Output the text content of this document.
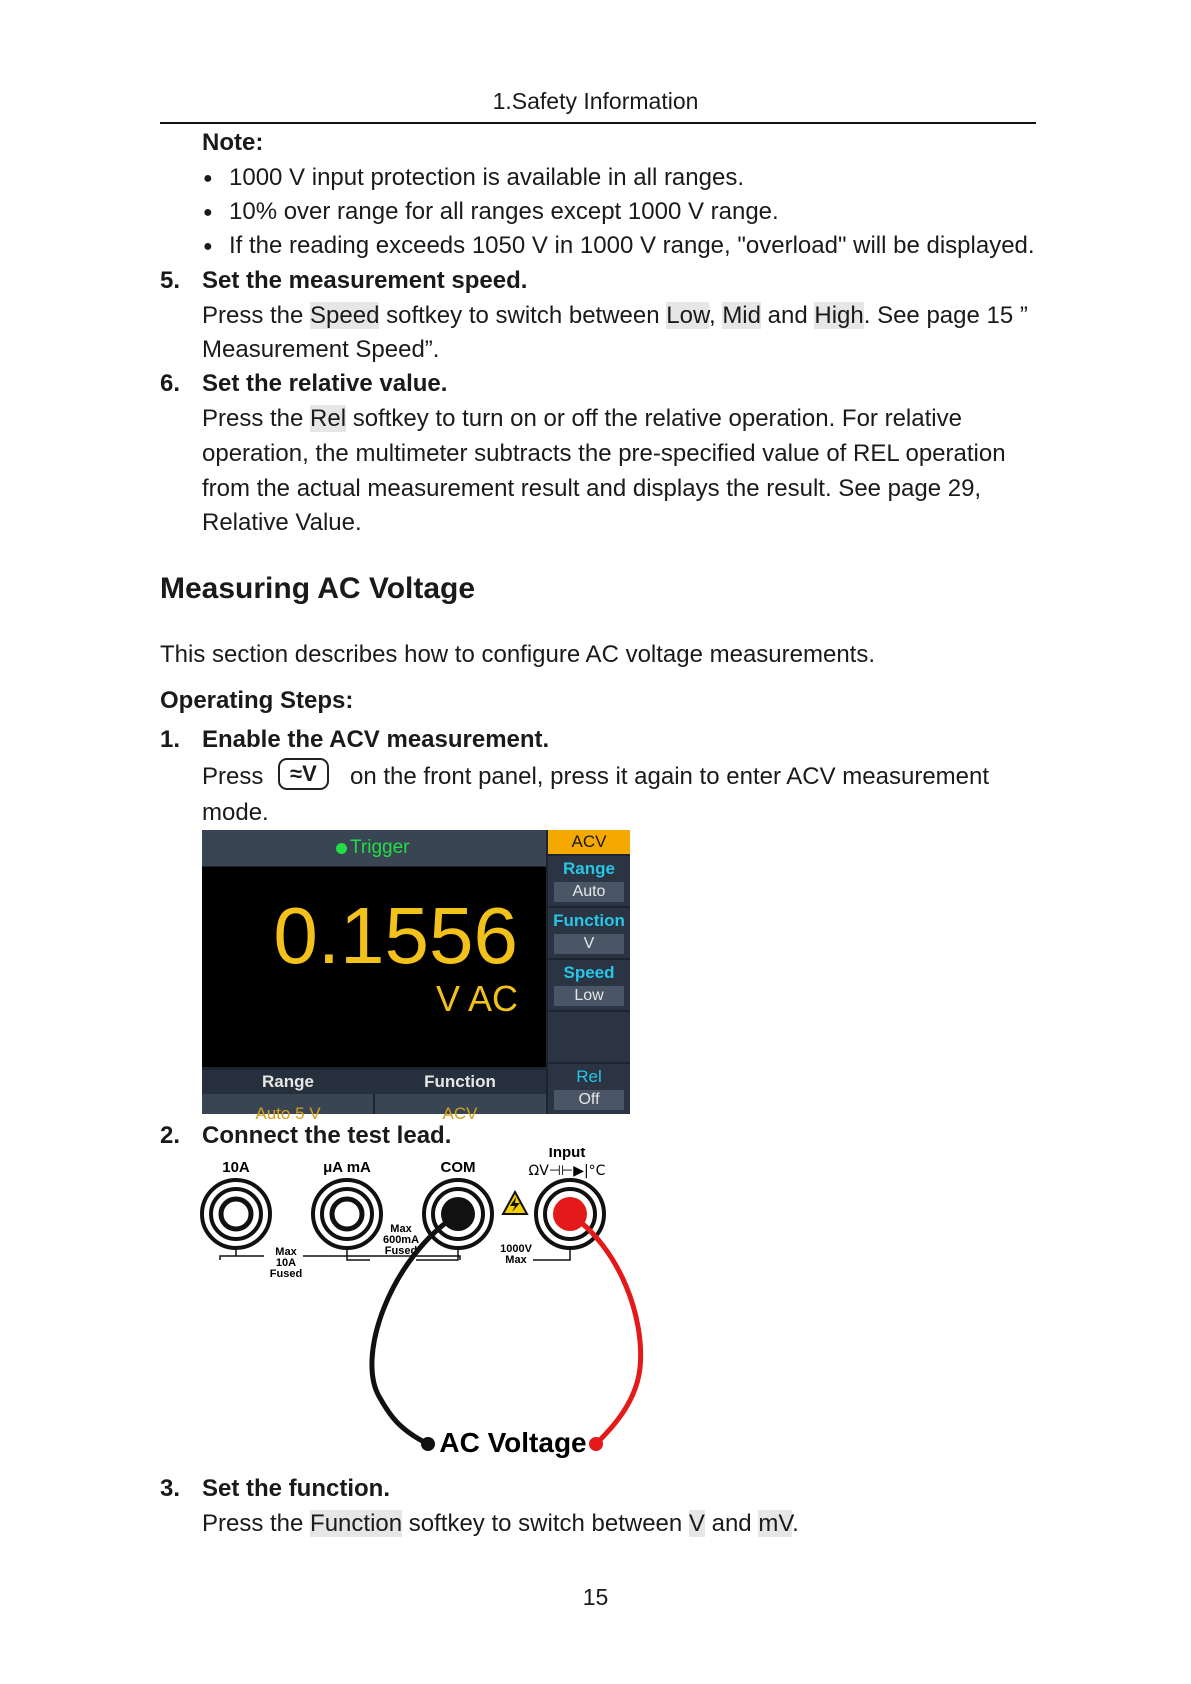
1.Safety Information
Note:
● 1000 V input protection is available in all ranges.
● 10% over range for all ranges except 1000 V range.
● If the reading exceeds 1050 V in 1000 V range, "overload" will be displayed.
5. Set the measurement speed.
Press the Speed softkey to switch between Low, Mid and High. See page 15 ”
Measurement Speed”.
6. Set the relative value.
Press the Rel softkey to turn on or off the relative operation. For relative
operation, the multimeter subtracts the pre-specified value of REL operation
from the actual measurement result and displays the result. See page 29,
Relative Value.
Measuring AC Voltage
This section describes how to configure AC voltage measurements.
Operating Steps:
1. Enable the ACV measurement.
Press	≈V	on the front panel, press it again to enter ACV measurement
mode.
Trigger
0.1556
V AC
Range	Function
Auto 5 V	ACV
ACV
Range
Auto
Function
V
Speed
Low
Rel
Off
2. Connect the test lead.
10A	μA mA	COM
Input
ΩV⊣⊢▶|°C
Max
10A
Fused
Max
600mA
Fused	1000V
Max
AC Voltage
3. Set the function.
Press the Function softkey to switch between V and mV.
15
